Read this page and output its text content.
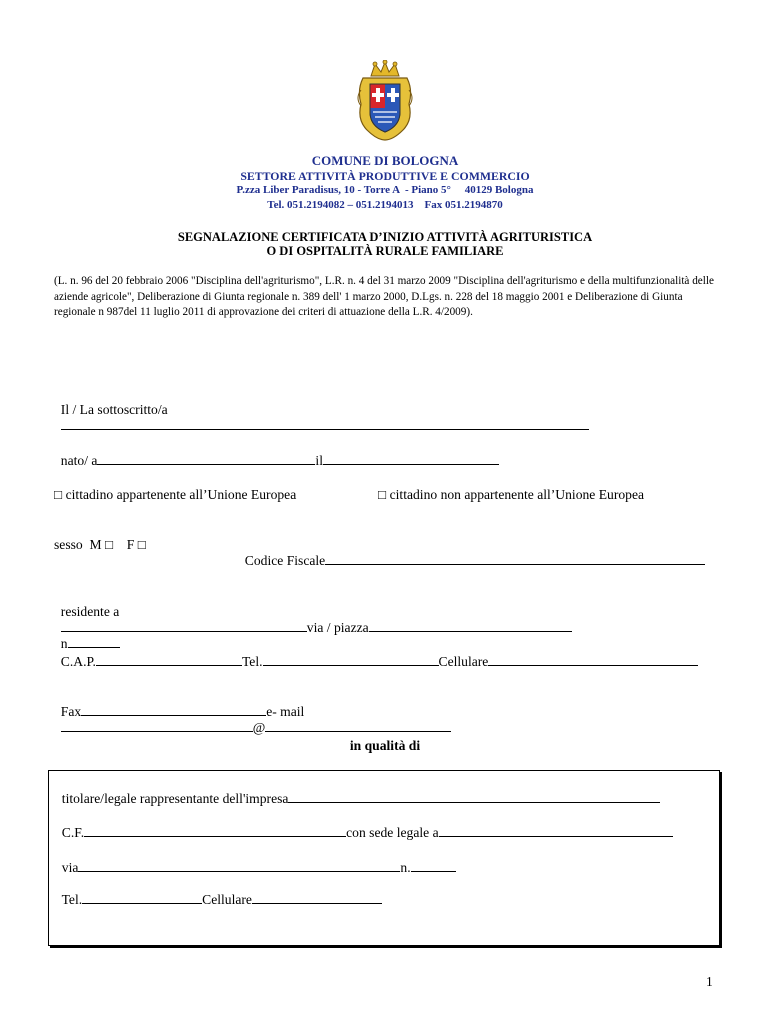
COMUNE DI BOLOGNA
SETTORE ATTIVITÀ PRODUTTIVE E COMMERCIO
P.zza Liber Paradisus, 10 - Torre A  - Piano 5°     40129 Bologna
Tel. 051.2194082 – 051.2194013    Fax 051.2194870
SEGNALAZIONE CERTIFICATA D’INIZIO ATTIVITÀ AGRITURISTICA
O DI OSPITALITÀ RURALE FAMILIARE
(L. n. 96 del 20 febbraio 2006 "Disciplina dell'agriturismo", L.R. n. 4 del 31 marzo 2009 "Disciplina dell'agriturismo e della multifunzionalità delle aziende agricole", Deliberazione di Giunta regionale n. 389 dell' 1 marzo 2000, D.Lgs. n. 228 del 18 maggio 2001 e Deliberazione di Giunta regionale n 987del 11 luglio 2011 di approvazione dei criteri di attuazione della L.R. 4/2009).

Il / La sottoscritto/a

nato/ a	il

□ cittadino appartenente all’Unione Europea	□ cittadino non appartenente all’Unione Europea
sesso  M □    F □

Codice Fiscale

residente a
via / piazza
n

C.A.P.	Tel.	Cellulare

Fax	e- mail
@

in qualità di

titolare/legale rappresentante dell'impresa

C.F.	con sede legale a

via	n.

Tel.	Cellulare

1
